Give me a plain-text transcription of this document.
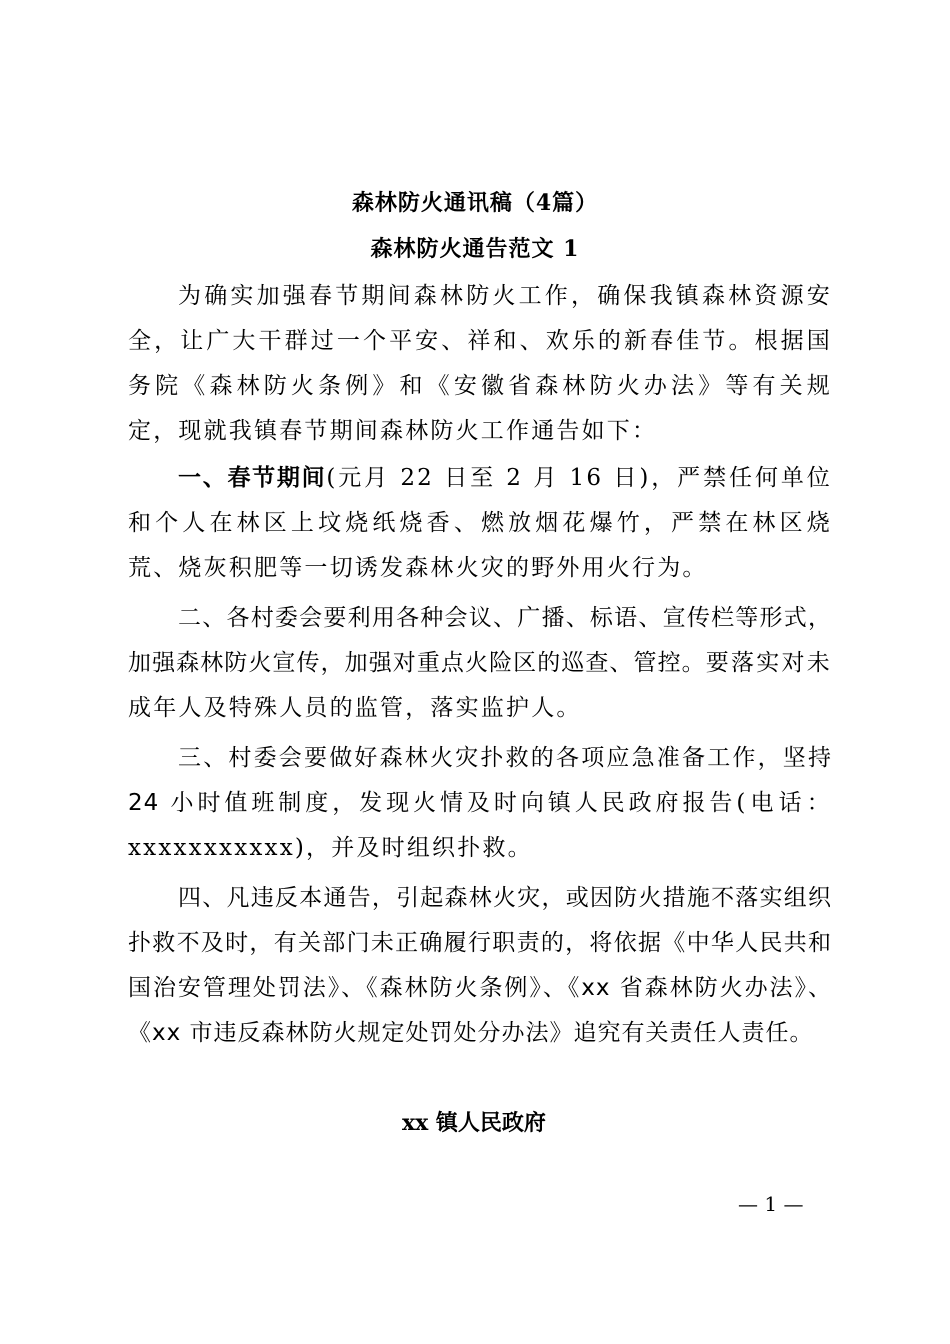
森林防火通讯稿（4篇）
森林防火通告范文 1

为确实加强春节期间森林防火工作，确保我镇森林资源安全，让广大干群过一个平安、祥和、欢乐的新春佳节。根据国务院《森林防火条例》和《安徽省森林防火办法》等有关规定，现就我镇春节期间森林防火工作通告如下：

一、春节期间(元月 22 日至 2 月 16 日)，严禁任何单位和个人在林区上坟烧纸烧香、燃放烟花爆竹，严禁在林区烧荒、烧灰积肥等一切诱发森林火灾的野外用火行为。

二、各村委会要利用各种会议、广播、标语、宣传栏等形式，加强森林防火宣传，加强对重点火险区的巡查、管控。要落实对未成年人及特殊人员的监管，落实监护人。

三、村委会要做好森林火灾扑救的各项应急准备工作，坚持 24 小时值班制度，发现火情及时向镇人民政府报告(电话：xxxxxxxxxxx)，并及时组织扑救。

四、凡违反本通告，引起森林火灾，或因防火措施不落实组织扑救不及时，有关部门未正确履行职责的，将依据《中华人民共和国治安管理处罚法》、《森林防火条例》、《xx 省森林防火办法》、《xx 市违反森林防火规定处罚处分办法》追究有关责任人责任。

xx 镇人民政府
— 1 —
